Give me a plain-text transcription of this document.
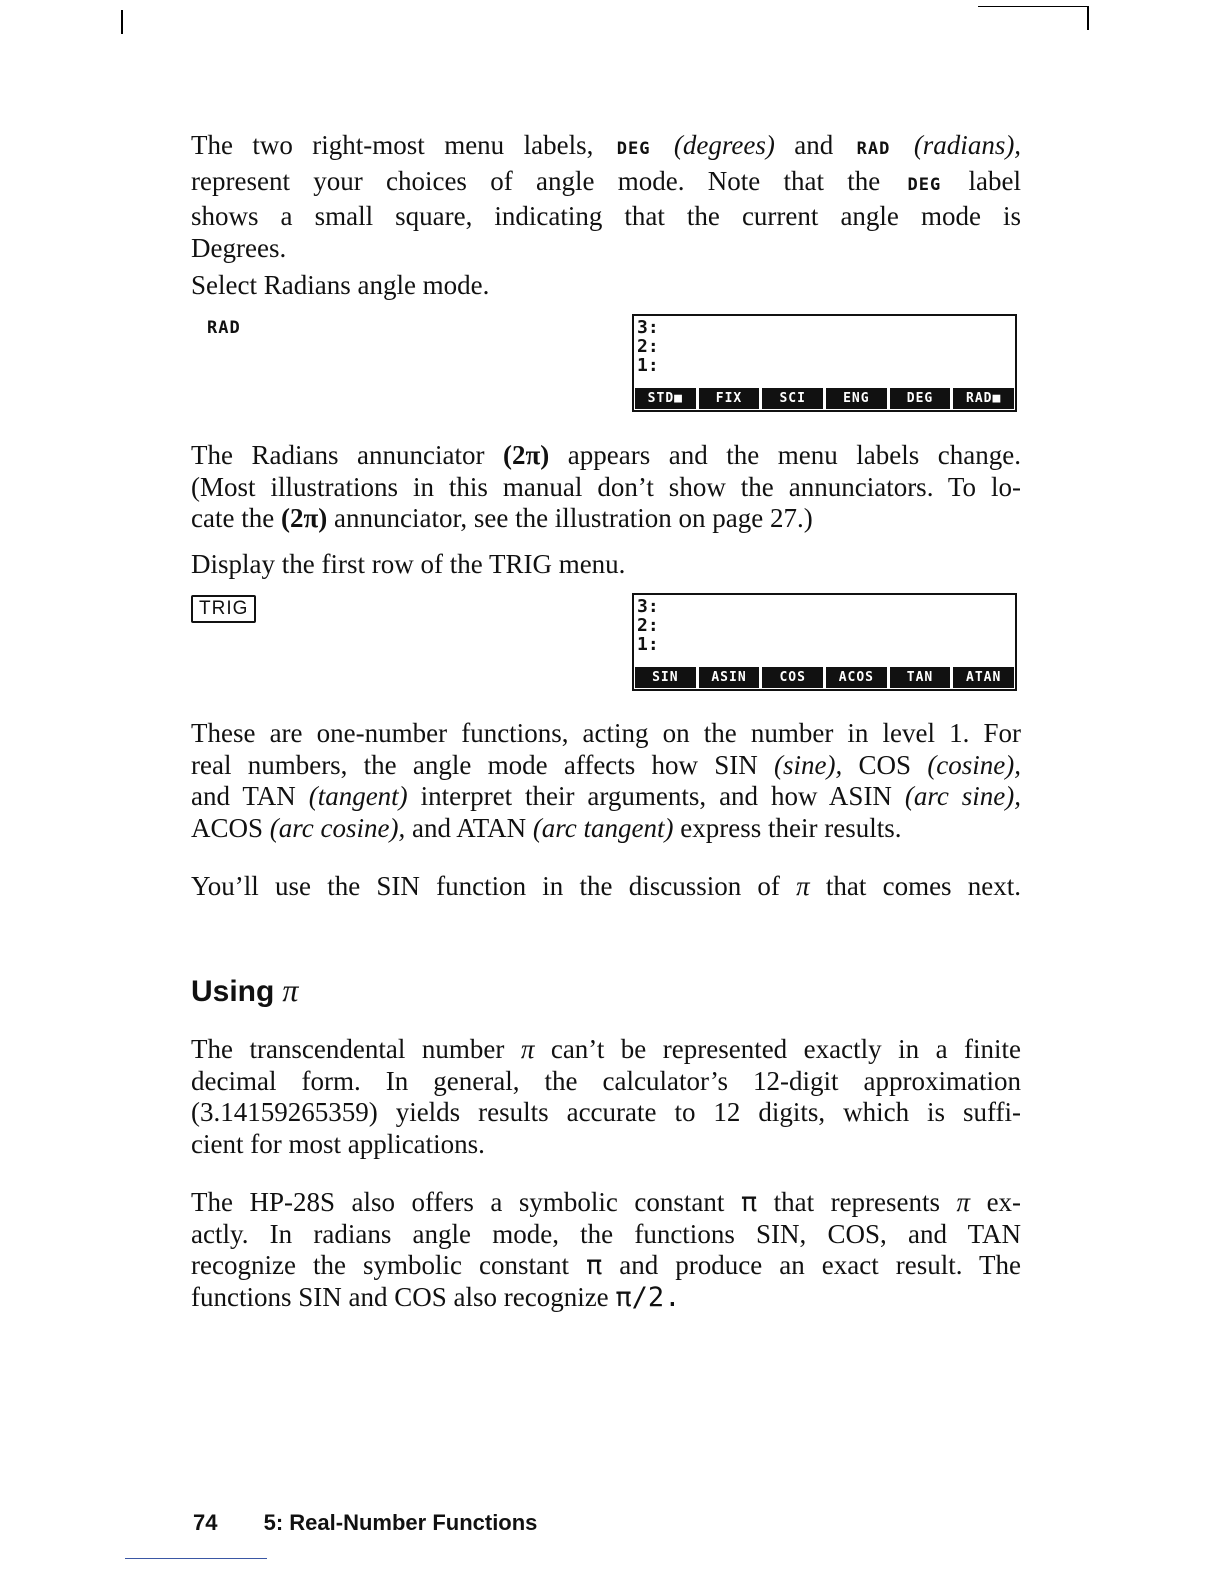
The two right-most menu labels, DEG (degrees) and RAD (radians),
represent your choices of angle mode. Note that the DEG label
shows a small square, indicating that the current angle mode is
Degrees.
Select Radians angle mode.
RAD	3:
2:
1:
STD■	FIX	SCI	ENG	DEG	RAD■
The Radians annunciator (2π) appears and the menu labels change.
(Most illustrations in this manual don’t show the annunciators. To lo-
cate the (2π) annunciator, see the illustration on page 27.)
Display the first row of the TRIG menu.
TRIG	3:
2:
1:
SIN	ASIN	COS	ACOS	TAN	ATAN
These are one-number functions, acting on the number in level 1. For
real numbers, the angle mode affects how SIN (sine), COS (cosine),
and TAN (tangent) interpret their arguments, and how ASIN (arc sine),
ACOS (arc cosine), and ATAN (arc tangent) express their results.
You’ll use the SIN function in the discussion of π that comes next.
Using π
The transcendental number π can’t be represented exactly in a finite
decimal form. In general, the calculator’s 12-digit approximation
(3.14159265359) yields results accurate to 12 digits, which is suffi-
cient for most applications.
The HP-28S also offers a symbolic constant π that represents π ex-
actly. In radians angle mode, the functions SIN, COS, and TAN
recognize the symbolic constant π and produce an exact result. The
functions SIN and COS also recognize π/2.
74 5: Real-Number Functions
